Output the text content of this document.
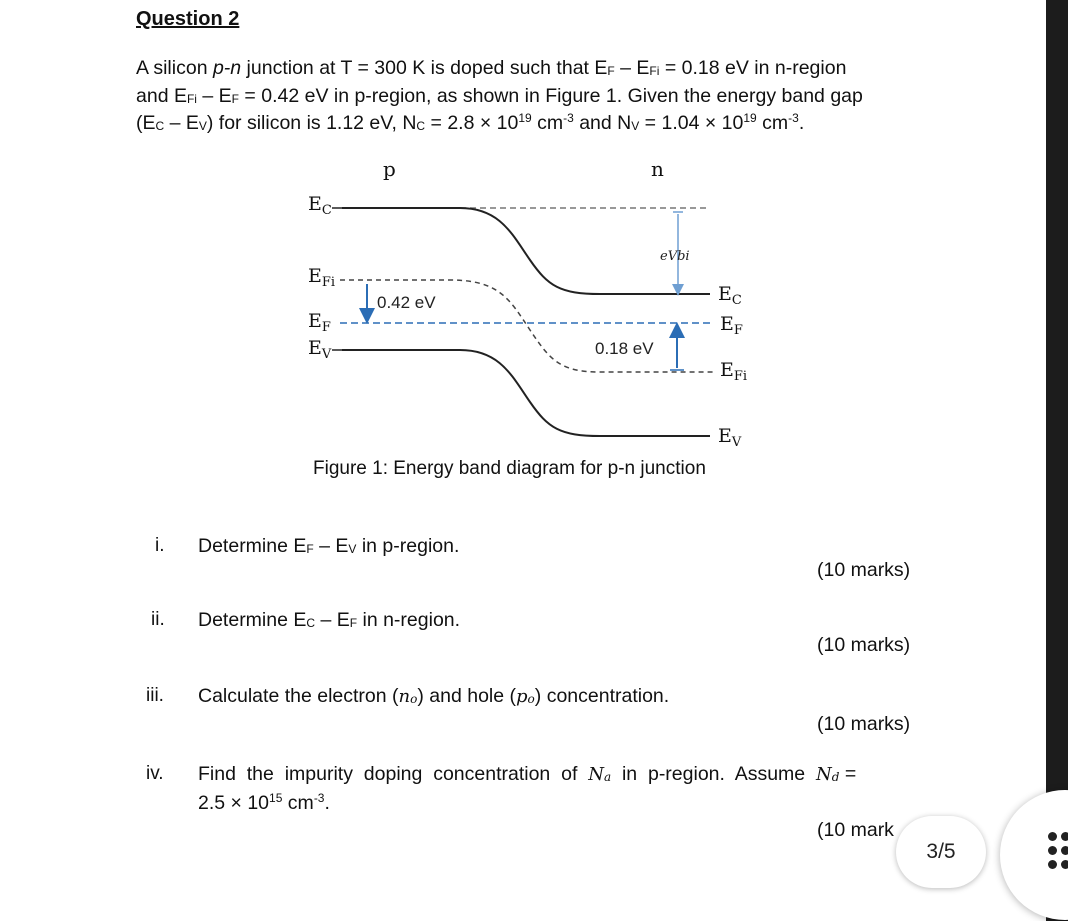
Question 2
A silicon p-n junction at T = 300 K is doped such that $E_F - E_{Fi} = 0.18$ eV in n-region
and $E_{Fi} - E_F = 0.42$ eV in p-region, as shown in Figure 1. Given the energy band gap
$(E_C - E_V)$ for silicon is 1.12 eV, $N_C = 2.8 \times 10^{19}$ $cm^{-3}$ and $N_V = 1.04 \times 10^{19}$ $cm^{-3}$.
p	n
eVbi
0.42 eV
0.18 eV
$E_C$
$E_{Fi}$
$E_F$
$E_V$
$E_C$
$E_F$
$E_{Fi}$
$E_V$
Figure 1: Energy band diagram for p-n junction
i. Determine $E_F - E_V$ in p-region.
(10 marks)
ii. Determine $E_C - E_F$ in n-region.
(10 marks)
iii. Calculate the electron $(n_o)$ and hole $(p_o)$ concentration.
(10 marks)
iv. Find  the  impurity  doping  concentration  of  $N_a$  in  p-region.  Assume  $N_d$ =
$2.5 \times 10^{15}$ $cm^{-3}$.
(10 mark
3/5
